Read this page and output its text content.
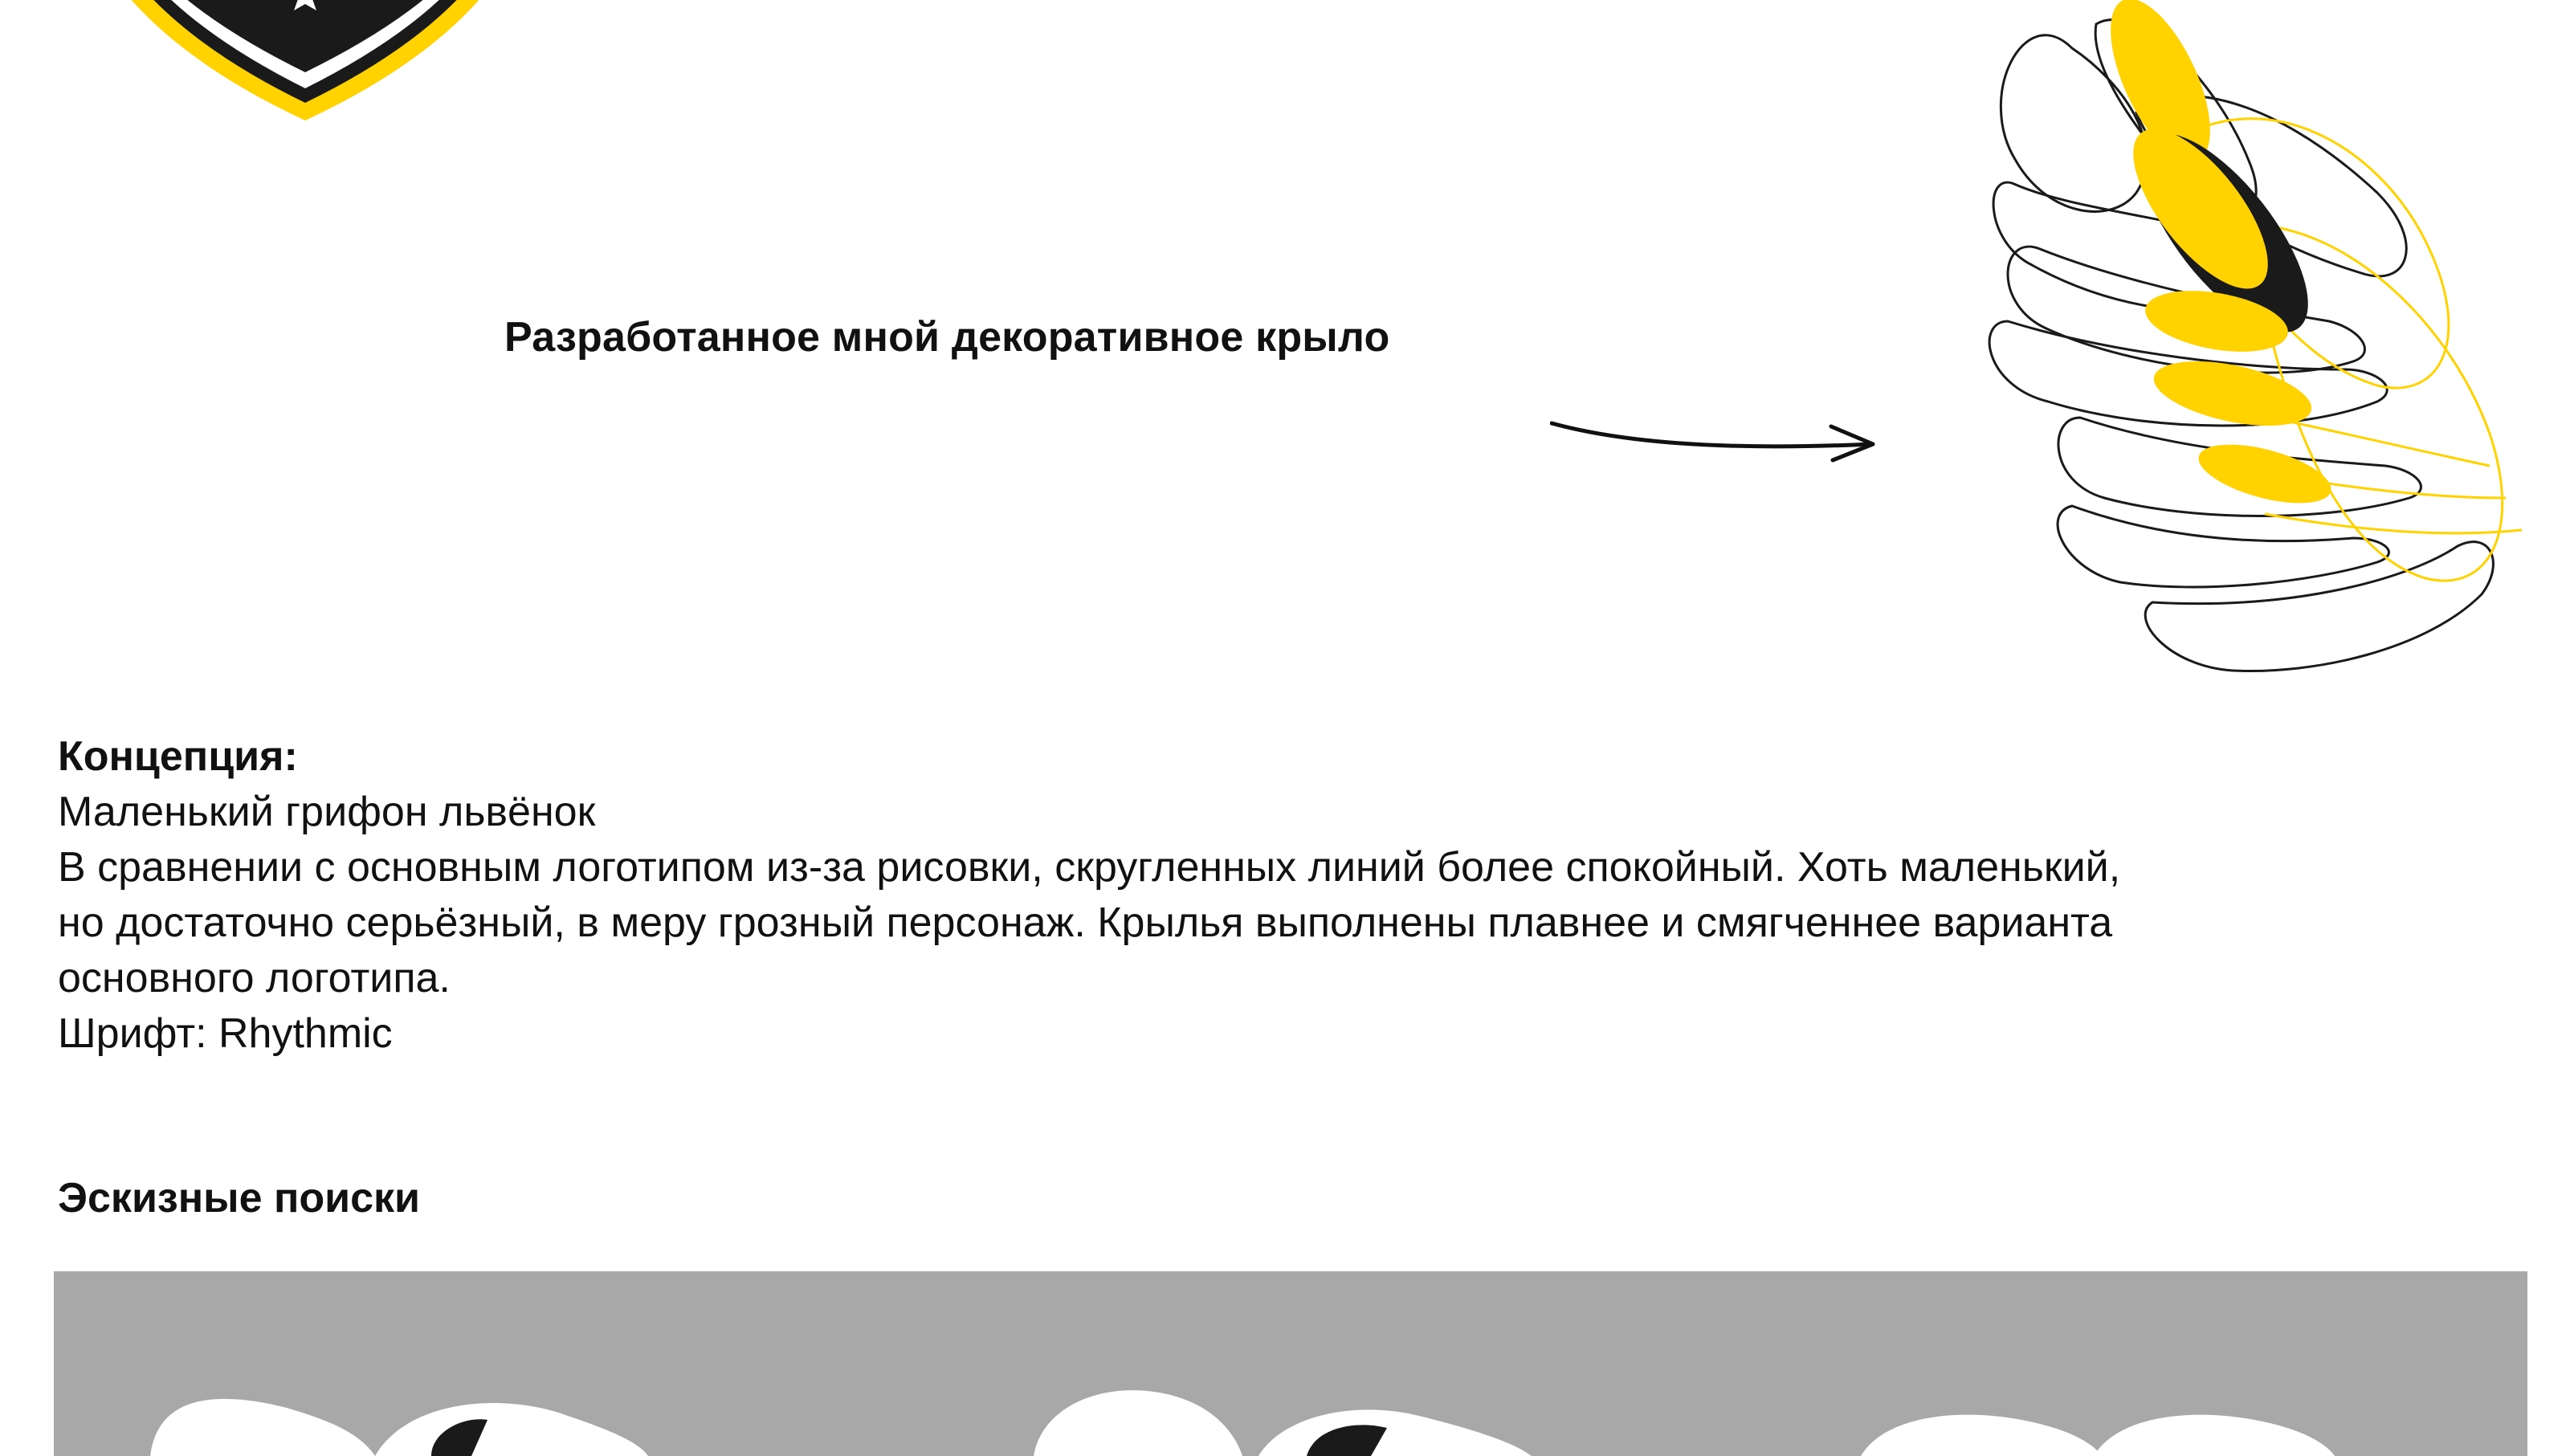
Разработанное мной декоративное крыло
Концепция:
Маленький грифон львёнок
В сравнении с основным логотипом из-за рисовки, скругленных линий более спокойный. Хоть маленький,
но достаточно серьёзный, в меру грозный персонаж. Крылья выполнены плавнее и смягченнее варианта
основного логотипа.
Шрифт: Rhythmic
Эскизные поиски
